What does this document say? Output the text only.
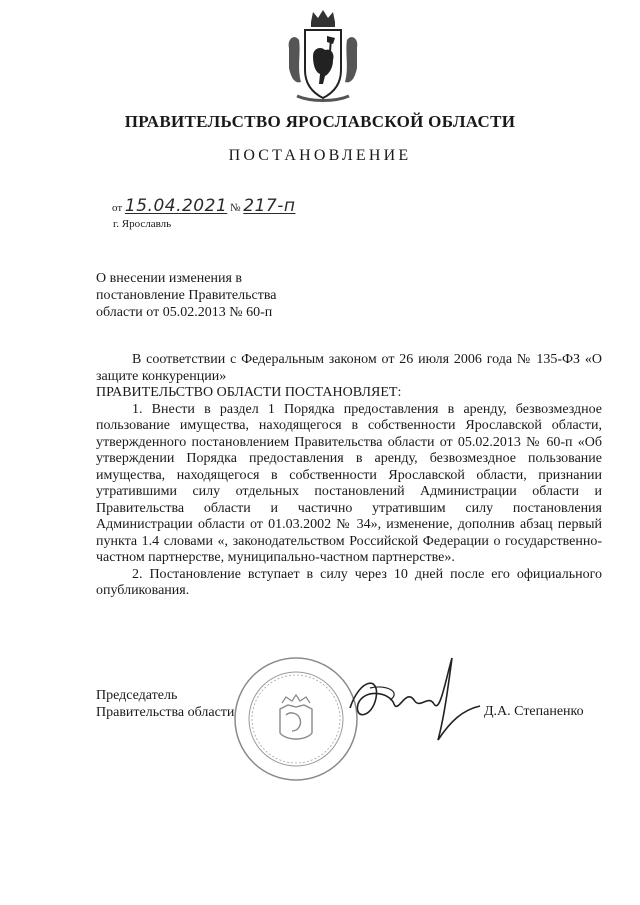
ПРАВИТЕЛЬСТВО ЯРОСЛАВСКОЙ ОБЛАСТИ
ПОСТАНОВЛЕНИЕ
от 15.04.2021 № 217-п
г. Ярославль
О внесении изменения в
постановление Правительства
области от 05.02.2013 № 60-п

В соответствии с Федеральным законом от 26 июля 2006 года № 135-ФЗ «О защите конкуренции»

ПРАВИТЕЛЬСТВО ОБЛАСТИ ПОСТАНОВЛЯЕТ:

1. Внести в раздел 1 Порядка предоставления в аренду, безвозмездное пользование имущества, находящегося в собственности Ярославской области, утвержденного постановлением Правительства области от 05.02.2013 № 60-п «Об утверждении Порядка предоставления в аренду, безвозмездное пользование имущества, находящегося в собственности Ярославской области, признании утратившими силу отдельных постановлений Администрации области и Правительства области и частично утратившим силу постановления Администрации области от 01.03.2002 № 34», изменение, дополнив абзац первый пункта 1.4 словами «, законодательством Российской Федерации о государственно-частном партнерстве, муниципально-частном партнерстве».

2. Постановление вступает в силу через 10 дней после его официального опубликования.

Председатель
Правительства области	Д.А. Степаненко
